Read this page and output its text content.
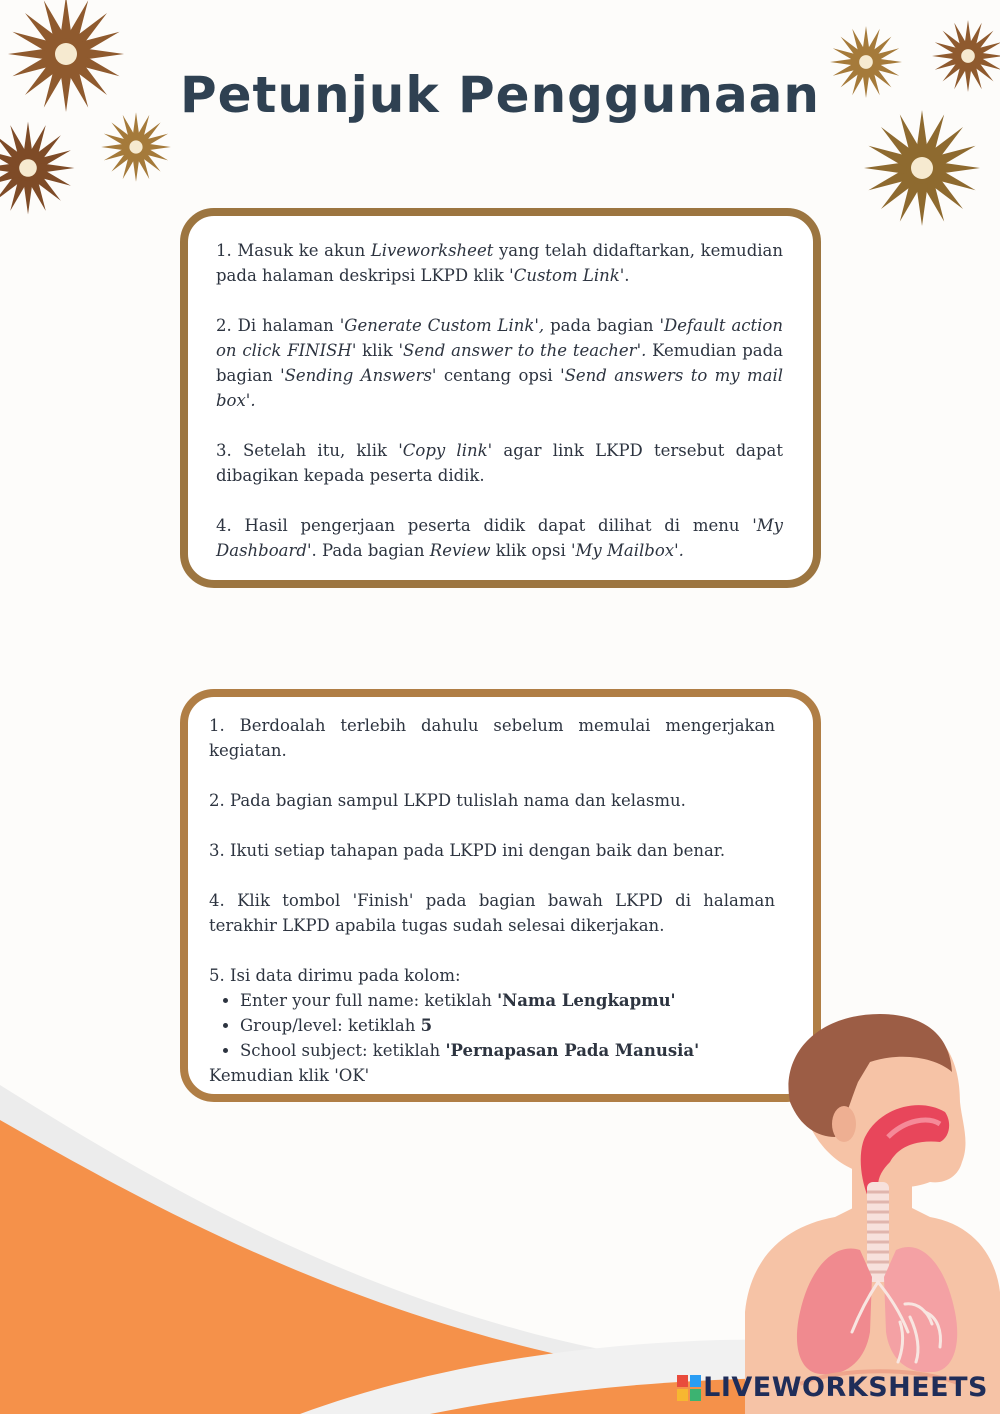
Petunjuk Penggunaan

1. Masuk ke akun Liveworksheet yang telah didaftarkan, kemudian pada halaman deskripsi LKPD klik 'Custom Link'.

2. Di halaman 'Generate Custom Link', pada bagian 'Default action on click FINISH' klik 'Send answer to the teacher'. Kemudian pada bagian 'Sending Answers' centang opsi 'Send answers to my mail box'.

3. Setelah itu, klik 'Copy link' agar link LKPD tersebut dapat dibagikan kepada peserta didik.

4. Hasil pengerjaan peserta didik dapat dilihat di menu 'My Dashboard'. Pada bagian Review klik opsi 'My Mailbox'.

1. Berdoalah terlebih dahulu sebelum memulai mengerjakan kegiatan.

2. Pada bagian sampul LKPD tulislah nama dan kelasmu.

3. Ikuti setiap tahapan pada LKPD ini dengan baik dan benar.

4. Klik tombol 'Finish' pada bagian bawah LKPD di halaman terakhir LKPD apabila tugas sudah selesai dikerjakan.

5. Isi data dirimu pada kolom:

• Enter your full name: ketiklah 'Nama Lengkapmu'
• Group/level: ketiklah 5
• School subject: ketiklah 'Pernapasan Pada Manusia'
Kemudian klik 'OK'
LIVEWORKSHEETS
